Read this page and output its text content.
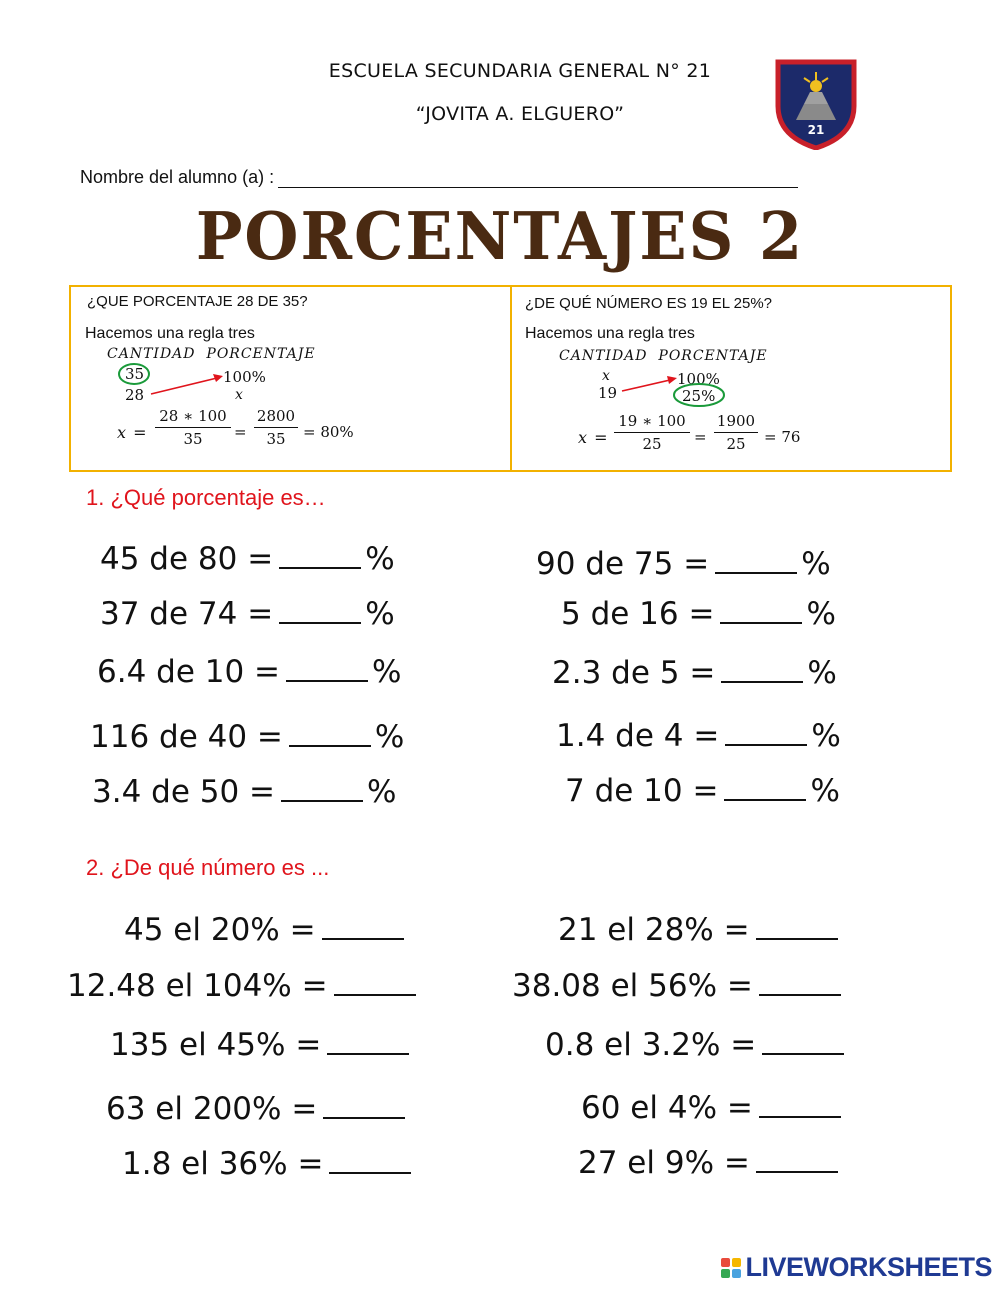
ESCUELA SECUNDARIA GENERAL N° 21
“JOVITA A. ELGUERO”
21
Nombre del alumno (a) :
PORCENTAJES 2
¿QUE PORCENTAJE 28 DE 35?
Hacemos una regla tres
CANTIDAD  PORCENTAJE
35	100%
28	x
x =
28 ∗ 100
35	=
2800
35	= 80%
¿DE QUÉ NÚMERO ES 19 EL 25%?
Hacemos una regla tres
CANTIDAD  PORCENTAJE
x	100%
19	25%
x =
19 ∗ 100
25	=
1900
25	= 76
1. ¿Qué porcentaje es…
45 de 80 =	%
37 de 74 =	%
6.4 de 10 =	%
116 de 40 =	%
3.4 de 50 =	%
90 de 75 =	%
5 de 16 =	%
2.3 de 5 =	%
1.4 de 4 =	%
7 de 10 =	%
2. ¿De qué número es ...
45 el 20% =
12.48 el 104% =
135 el 45% =
63 el 200% =
1.8 el 36% =
21 el 28% =
38.08 el 56% =
0.8 el 3.2% =
60 el 4% =
27 el 9% =
LIVEWORKSHEETS
